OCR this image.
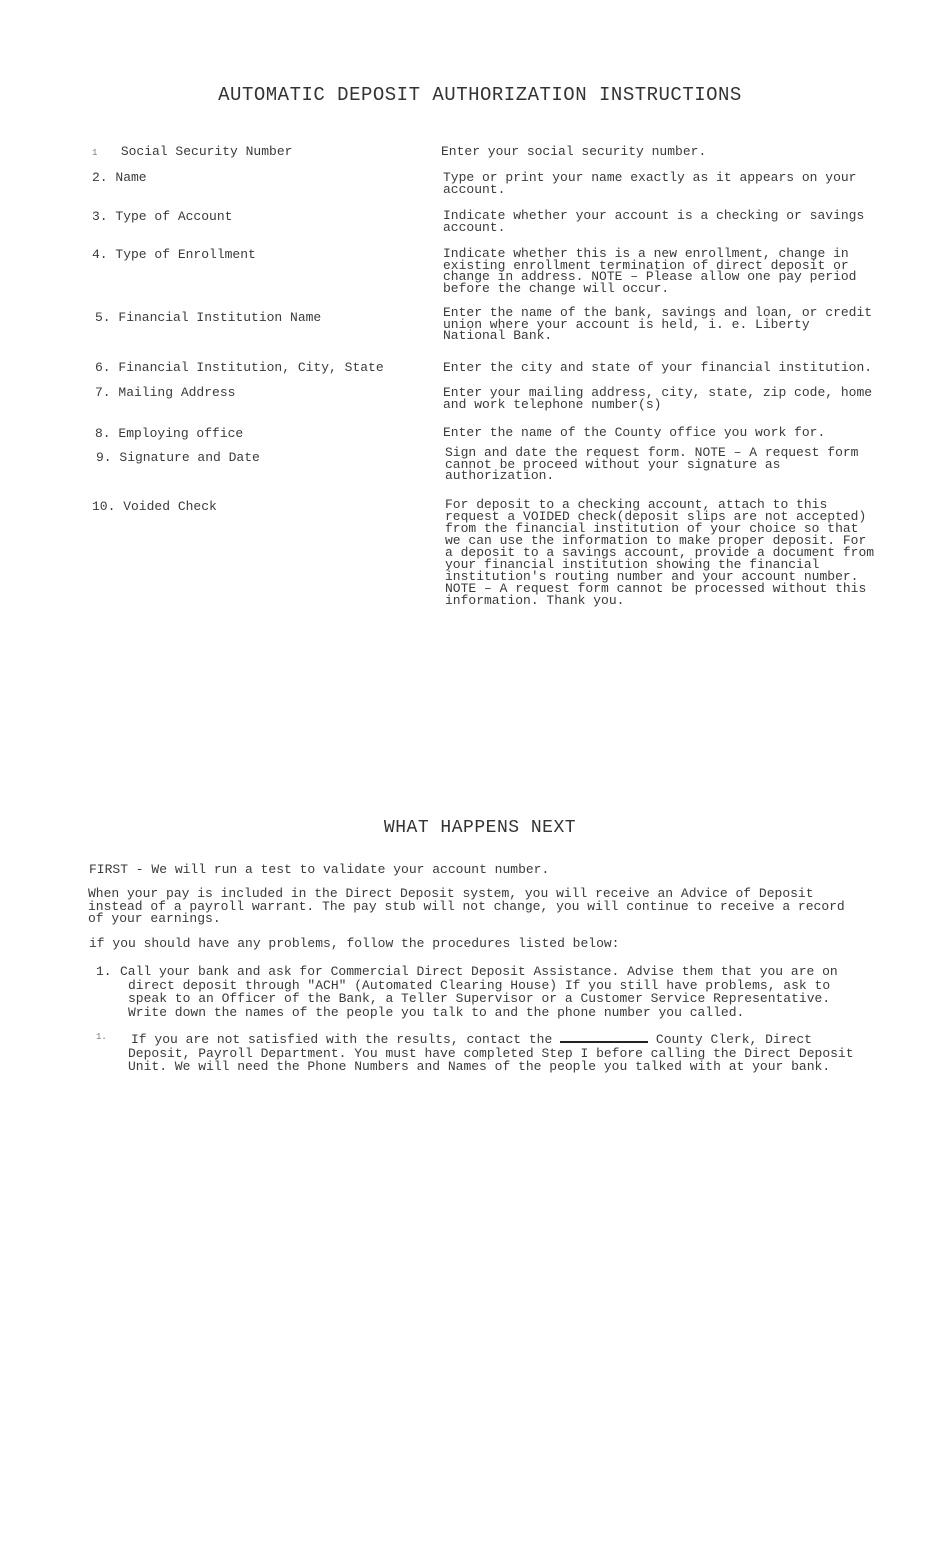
AUTOMATIC DEPOSIT AUTHORIZATION INSTRUCTIONS
1 Social Security Number	Enter your social security number.
2. Name	Type or print your name exactly as it appears on your account.
3. Type of Account	Indicate whether your account is a checking or savings account.
4. Type of Enrollment	Indicate whether this is a new enrollment, change in existing enrollment termination of direct deposit or change in address. NOTE – Please allow one pay period before the change will occur.
5. Financial Institution Name	Enter the name of the bank, savings and loan, or credit union where your account is held, i. e. Liberty National Bank.
6. Financial Institution, City, State	Enter the city and state of your financial institution.
7. Mailing Address	Enter your mailing address, city, state, zip code, home and work telephone number(s)
8. Employing office	Enter the name of the County office you work for.
9. Signature and Date	Sign and date the request form. NOTE – A request form cannot be proceed without your signature as authorization.
10. Voided Check	For deposit to a checking account, attach to this request a VOIDED check(deposit slips are not accepted) from the financial institution of your choice so that we can use the information to make proper deposit. For a deposit to a savings account, provide a document from your financial institution showing the financial institution's routing number and your account number. NOTE – A request form cannot be processed without this information. Thank you.
WHAT HAPPENS NEXT
FIRST - We will run a test to validate your account number.
When your pay is included in the Direct Deposit system, you will receive an Advice of Deposit instead of a payroll warrant. The pay stub will not change, you will continue to receive a record of your earnings.
if you should have any problems, follow the procedures listed below:
1. Call your bank and ask for Commercial Direct Deposit Assistance. Advise them that you are on direct deposit through "ACH" (Automated Clearing House) If you still have problems, ask to speak to an Officer of the Bank, a Teller Supervisor or a Customer Service Representative. Write down the names of the people you talk to and the phone number you called.
1.	If you are not satisfied with the results, contact the	County Clerk, Direct Deposit, Payroll Department. You must have completed Step I before calling the Direct Deposit Unit. We will need the Phone Numbers and Names of the people you talked with at your bank.
